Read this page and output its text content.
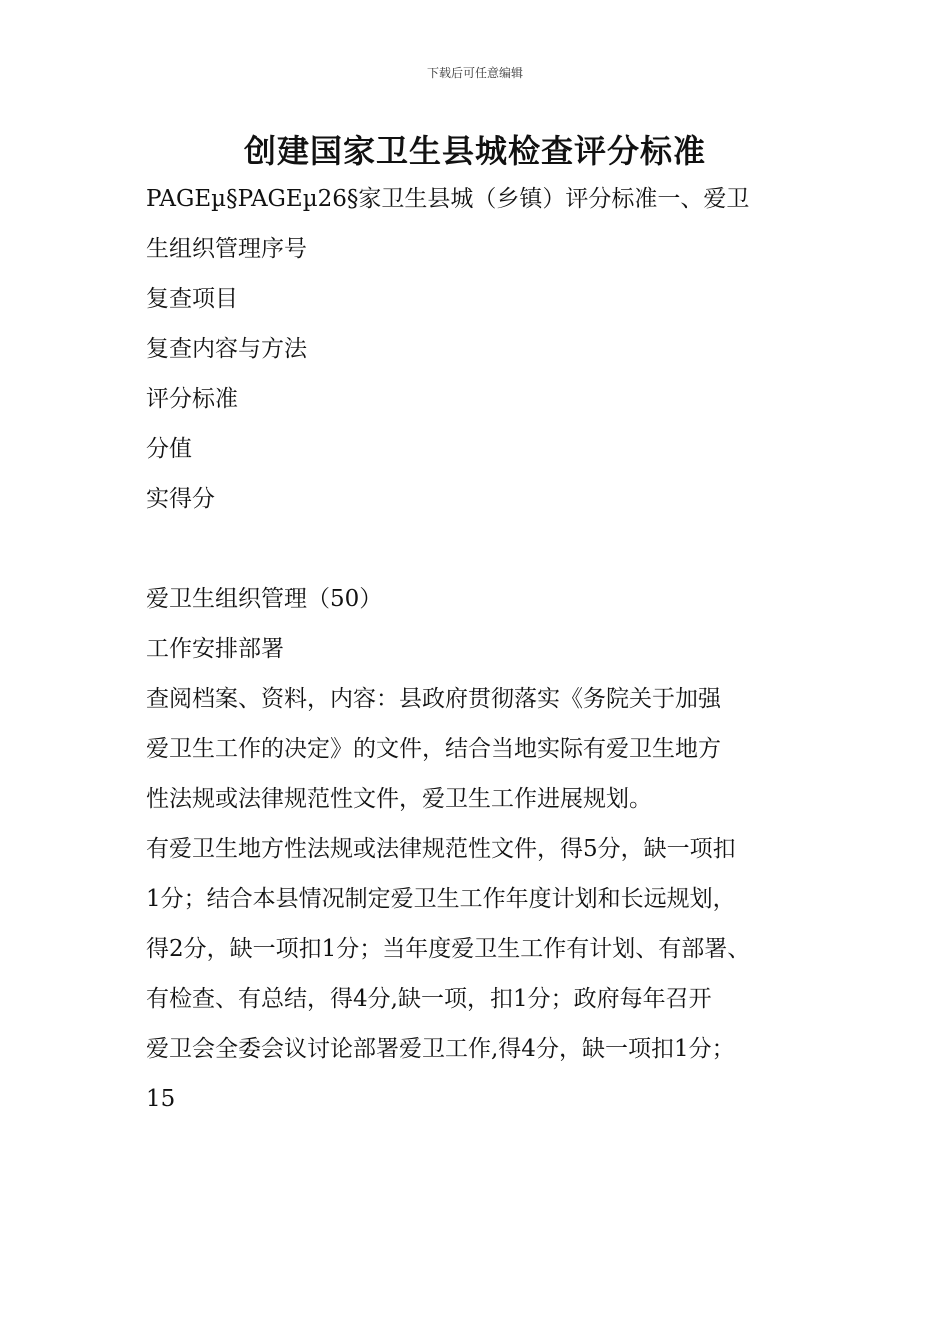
下载后可任意编辑
创建国家卫生县城检查评分标准
PAGEµ§PAGEµ26§家卫生县城（乡镇）评分标准一、爱卫
生组织管理序号
复查项目
复查内容与方法
评分标准
分值
实得分
爱卫生组织管理（50）
工作安排部署
查阅档案、资料，内容：县政府贯彻落实《务院关于加强
爱卫生工作的决定》的文件，结合当地实际有爱卫生地方
性法规或法律规范性文件，爱卫生工作进展规划。
有爱卫生地方性法规或法律规范性文件，得5分，缺一项扣
1分；结合本县情况制定爱卫生工作年度计划和长远规划，
得2分，缺一项扣1分；当年度爱卫生工作有计划、有部署、
有检查、有总结，得4分,缺一项，扣1分；政府每年召开
爱卫会全委会议讨论部署爱卫工作,得4分，缺一项扣1分；
15
